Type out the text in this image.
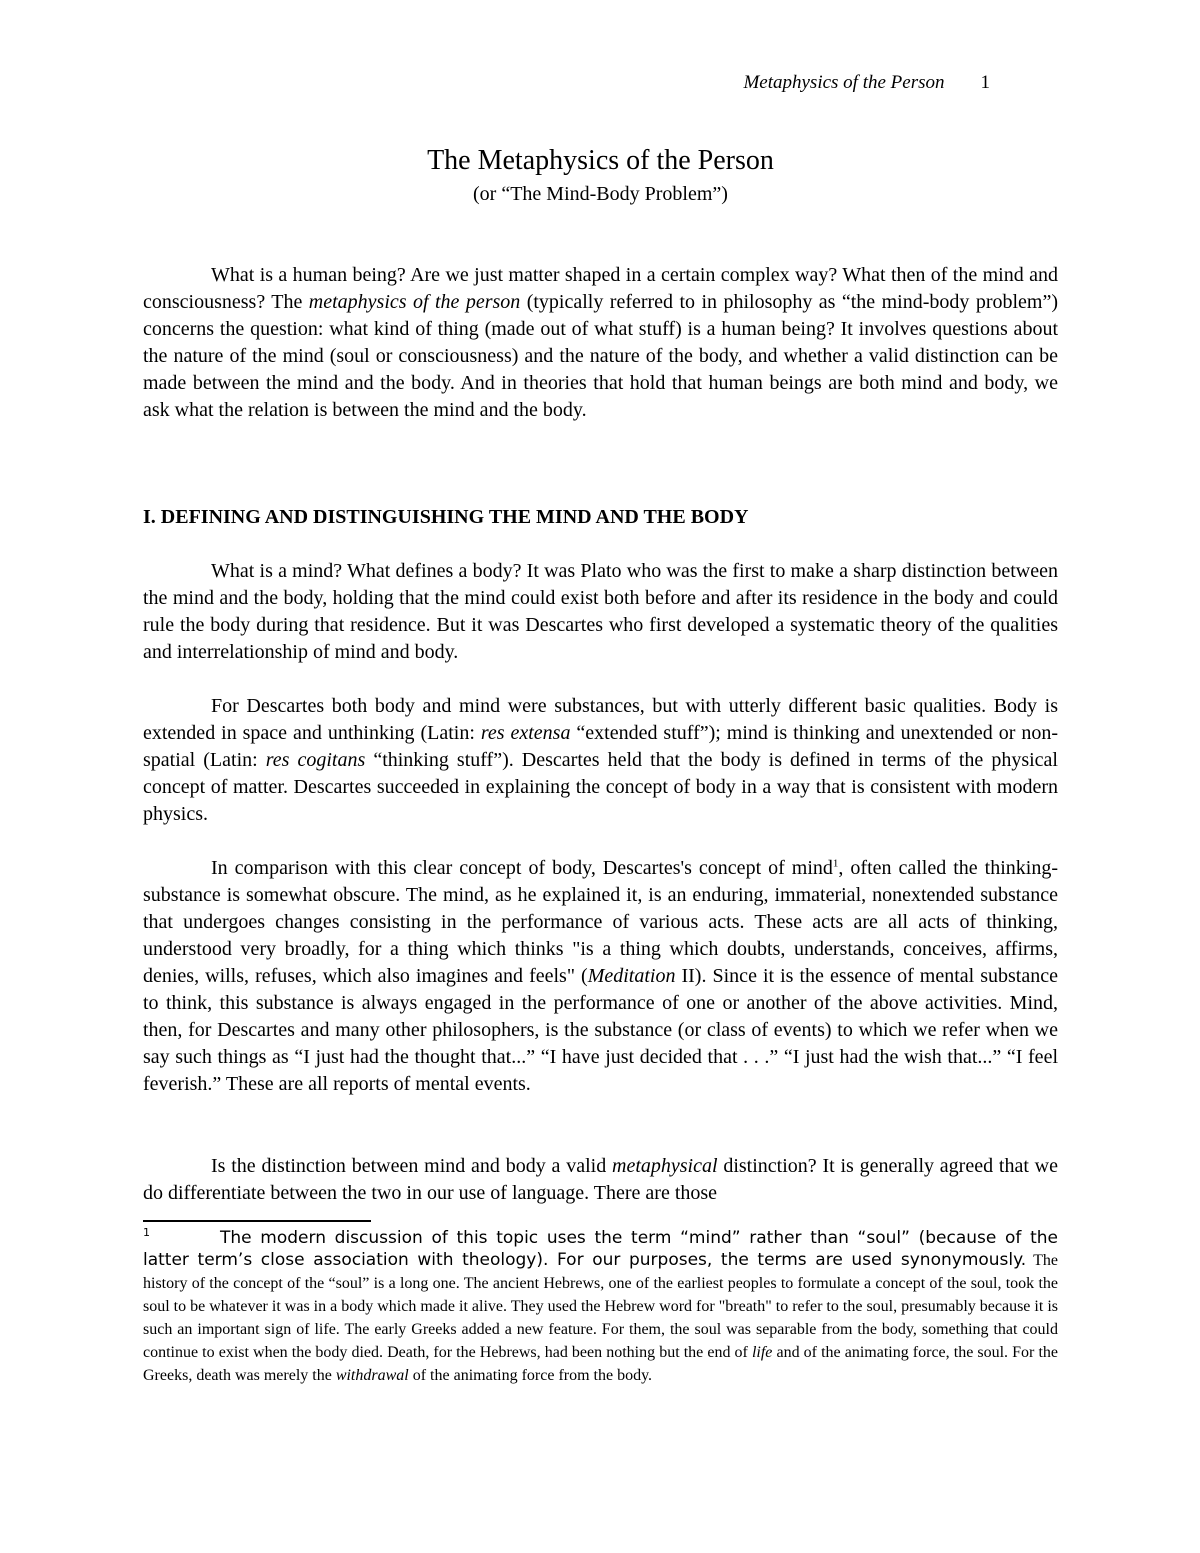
Metaphysics of the Person 1
The Metaphysics of the Person
(or “The Mind-Body Problem”)

What is a human being? Are we just matter shaped in a certain complex way? What then of the mind and consciousness? The metaphysics of the person (typically referred to in philosophy as “the mind-body problem”) concerns the question: what kind of thing (made out of what stuff) is a human being? It involves questions about the nature of the mind (soul or consciousness) and the nature of the body, and whether a valid distinction can be made between the mind and the body. And in theories that hold that human beings are both mind and body, we ask what the relation is between the mind and the body.

I. DEFINING AND DISTINGUISHING THE MIND AND THE BODY

What is a mind? What defines a body? It was Plato who was the first to make a sharp distinction between the mind and the body, holding that the mind could exist both before and after its residence in the body and could rule the body during that residence. But it was Descartes who first developed a systematic theory of the qualities and interrelationship of mind and body.

For Descartes both body and mind were substances, but with utterly different basic qualities. Body is extended in space and unthinking (Latin: res extensa “extended stuff”); mind is thinking and unextended or non-spatial (Latin: res cogitans “thinking stuff”). Descartes held that the body is defined in terms of the physical concept of matter. Descartes succeeded in explaining the concept of body in a way that is consistent with modern physics.

In comparison with this clear concept of body, Descartes's concept of mind$^1$, often called the thinking-substance is somewhat obscure. The mind, as he explained it, is an enduring, immaterial, nonextended substance that undergoes changes consisting in the performance of various acts. These acts are all acts of thinking, understood very broadly, for a thing which thinks "is a thing which doubts, understands, conceives, affirms, denies, wills, refuses, which also imagines and feels" (Meditation II). Since it is the essence of mental substance to think, this substance is always engaged in the performance of one or another of the above activities. Mind, then, for Descartes and many other philosophers, is the substance (or class of events) to which we refer when we say such things as “I just had the thought that...” “I have just decided that . . .” “I just had the wish that...” “I feel feverish.” These are all reports of mental events.

Is the distinction between mind and body a valid metaphysical distinction? It is generally agreed that we do differentiate between the two in our use of language. There are those

$^1$	The modern discussion of this topic uses the term “mind” rather than “soul” (because of the latter term’s close association with theology). For our purposes, the terms are used synonymously. The history of the concept of the “soul” is a long one. The ancient Hebrews, one of the earliest peoples to formulate a concept of the soul, took the soul to be whatever it was in a body which made it alive. They used the Hebrew word for "breath" to refer to the soul, presumably because it is such an important sign of life. The early Greeks added a new feature. For them, the soul was separable from the body, something that could continue to exist when the body died. Death, for the Hebrews, had been nothing but the end of life and of the animating force, the soul. For the Greeks, death was merely the withdrawal of the animating force from the body.
